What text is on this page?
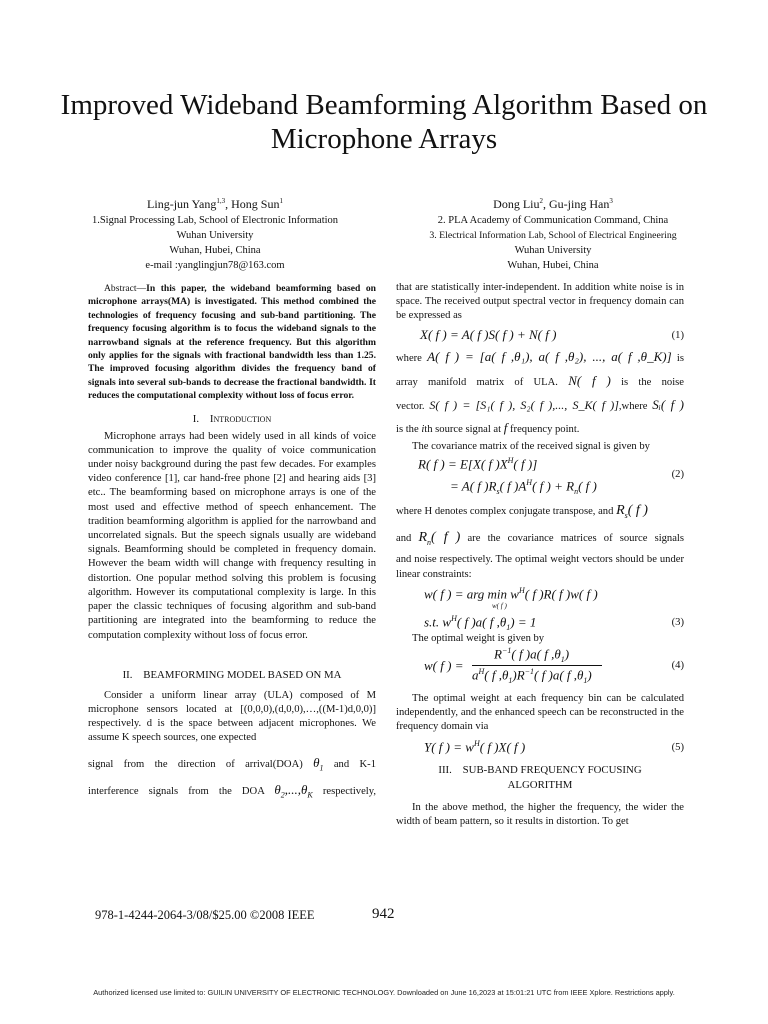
Improved Wideband Beamforming Algorithm Based on Microphone Arrays
Ling-jun Yang$^{1,3}$, Hong Sun$^1$
1.Signal Processing Lab, School of Electronic Information
Wuhan University
Wuhan, Hubei, China
e-mail :yanglingjun78@163.com
Dong Liu$^2$, Gu-jing Han$^3$
2. PLA Academy of Communication Command, China
3. Electrical Information Lab, School of Electrical Engineering
Wuhan University
Wuhan, Hubei, China
Abstract—In this paper, the wideband beamforming based on microphone arrays(MA) is investigated. This method combined the technologies of frequency focusing and sub-band partitioning. The frequency focusing algorithm is to focus the wideband signals to the narrowband signals at the reference frequency. But this algorithm only applies for the signals with fractional bandwidth less than 1.25. The improved focusing algorithm divides the frequency band of signals into several sub-bands to decrease the fractional bandwidth. It reduces the computational complexity without loss of focus error.
I. Introduction
Microphone arrays had been widely used in all kinds of voice communication to improve the quality of voice communication under noisy background during the past few decades. For examples video conference [1], car hand-free phone [2] and hearing aids [3] etc.. The beamforming based on microphone arrays is one of the most used and effective method of speech enhancement. The tradition beamforming algorithm is applied for the narrowband and uncorrelated signals. But the speech signals usually are wideband signals. Beamforming should be completed in frequency domain. However the beam width will change with frequency resulting in distortion. One popular method solving this problem is focusing algorithm. However its computational complexity is large. In this paper the classic techniques of focusing algorithm and sub-band partitioning are integrated into the beamforming to reduce the computation complexity without loss of focus error.
II. BEAMFORMING MODEL BASED ON MA
Consider a uniform linear array (ULA) composed of M microphone sensors located at [(0,0,0),(d,0,0),…,((M-1)d,0,0)] respectively. d is the space between adjacent microphones. We assume K speech sources, one expected
signal from the direction of arrival(DOA) $\theta_1$ and K-1
interference signals from the DOA $\theta_2,...,\theta_K$ respectively,
that are statistically inter-independent. In addition white noise is in space. The received output spectral vector in frequency domain can be expressed as
X( f ) = A( f )S( f ) + N( f )	(1)
where A( f ) = [a( f ,θ₁), a( f ,θ₂), ..., a( f ,θ_K)] is
array manifold matrix of ULA. N( f ) is the noise
vector. S( f ) = [S₁( f ), S₂( f ),..., S_K( f )],where Sᵢ( f )
is the ith source signal at f frequency point.
The covariance matrix of the received signal is given by
R( f ) = E[X( f )$X^H$( f )]
= A( f )$R_s$( f )$A^H$( f ) + $R_n$( f )
(2)
where H denotes complex conjugate transpose, and $R_s$( f )
and $R_n$( f ) are the covariance matrices of source signals
and noise respectively. The optimal weight vectors should be under linear constraints:
w( f ) = arg $\min w^H$( f )R( f )w( f )
w( f )
s.t. $w^H$( f )a( f $,\theta_1) = 1$	(3)
The optimal weight is given by
w( f ) =
$R^{-1}$( f )a( f $,\theta_1$)
$a^H$( f $,\theta_1)R^{-1}$( f )a( f $,\theta_1$)
(4)
The optimal weight at each frequency bin can be calculated independently, and the enhanced speech can be reconstructed in the frequency domain via
Y( f ) = $w^H$( f )X( f )	(5)
III. SUB-BAND FREQUENCY FOCUSING
ALGORITHM
In the above method, the higher the frequency, the wider the width of beam pattern, so it results in distortion. To get
978-1-4244-2064-3/08/$25.00 ©2008 IEEE	942
Authorized licensed use limited to: GUILIN UNIVERSITY OF ELECTRONIC TECHNOLOGY. Downloaded on June 16,2023 at 15:01:21 UTC from IEEE Xplore. Restrictions apply.
